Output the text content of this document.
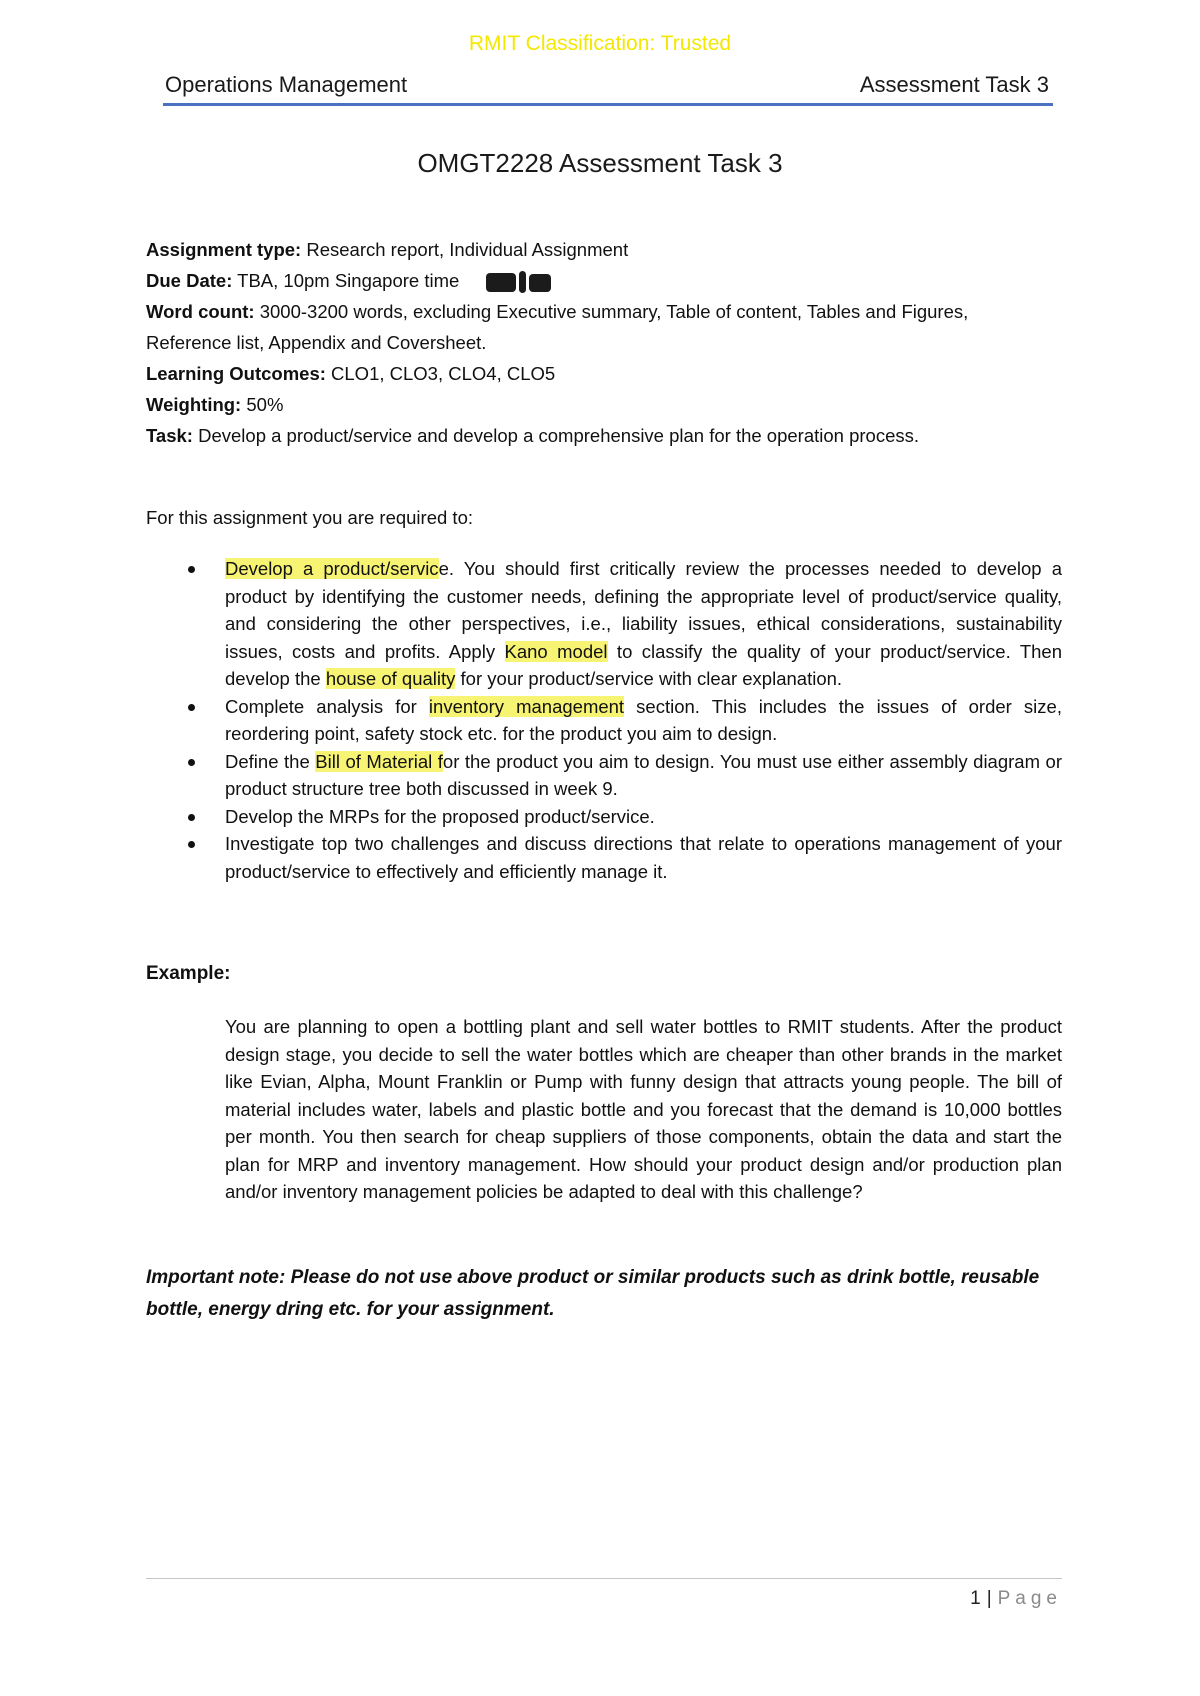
RMIT Classification: Trusted
Operations Management	Assessment Task 3
OMGT2228 Assessment Task 3
Assignment type: Research report, Individual Assignment
Due Date: TBA, 10pm Singapore time
Word count: 3000-3200 words, excluding Executive summary, Table of content, Tables and Figures,
Reference list, Appendix and Coversheet.
Learning Outcomes: CLO1, CLO3, CLO4, CLO5
Weighting: 50%
Task: Develop a product/service and develop a comprehensive plan for the operation process.
For this assignment you are required to:
Develop a product/service. You should first critically review the processes needed to develop a product by identifying the customer needs, defining the appropriate level of product/service quality, and considering the other perspectives, i.e., liability issues, ethical considerations, sustainability issues, costs and profits. Apply Kano model to classify the quality of your product/service. Then develop the house of quality for your product/service with clear explanation.
Complete analysis for inventory management section. This includes the issues of order size, reordering point, safety stock etc. for the product you aim to design.
Define the Bill of Material for the product you aim to design. You must use either assembly diagram or product structure tree both discussed in week 9.
Develop the MRPs for the proposed product/service.
Investigate top two challenges and discuss directions that relate to operations management of your product/service to effectively and efficiently manage it.
Example:
You are planning to open a bottling plant and sell water bottles to RMIT students. After the product design stage, you decide to sell the water bottles which are cheaper than other brands in the market like Evian, Alpha, Mount Franklin or Pump with funny design that attracts young people. The bill of material includes water, labels and plastic bottle and you forecast that the demand is 10,000 bottles per month. You then search for cheap suppliers of those components, obtain the data and start the plan for MRP and inventory management. How should your product design and/or production plan and/or inventory management policies be adapted to deal with this challenge?
Important note: Please do not use above product or similar products such as drink bottle, reusable bottle, energy dring etc. for your assignment.
1 | Page
